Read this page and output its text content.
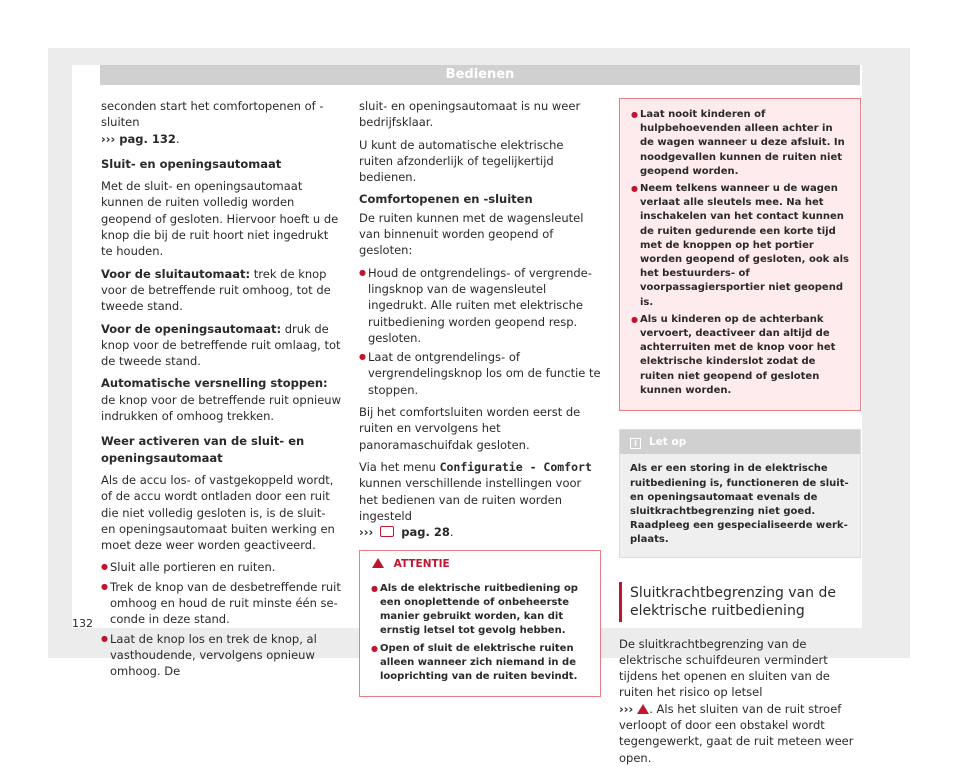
Bedienen

seconden start het comfortopenen of -sluiten
››› pag. 132.

Sluit- en openingsautomaat

Met de sluit- en openingsautomaat kunnen de ruiten volledig worden geopend of gesloten. Hiervoor hoeft u de knop die bij de ruit hoort niet ingedrukt te houden.

Voor de sluitautomaat: trek de knop voor de betreffende ruit omhoog, tot de tweede stand.

Voor de openingsautomaat: druk de knop voor de betreffende ruit omlaag, tot de tweede stand.

Automatische versnelling stoppen: de knop voor de betreffende ruit opnieuw indrukken of omhoog trekken.

Weer activeren van de sluit- en openingsautomaat

Als de accu los- of vastgekoppeld wordt, of de accu wordt ontladen door een ruit die niet volledig gesloten is, is de sluit- en openingsautomaat buiten werking en moet deze weer worden geactiveerd.

● Sluit alle portieren en ruiten.
● Trek de knop van de desbetreffende ruit omhoog en houd de ruit minste één seconde in deze stand.
● Laat de knop los en trek de knop, al vasthoudende, vervolgens opnieuw omhoog. De

sluit- en openingsautomaat is nu weer bedrijfsklaar.

U kunt de automatische elektrische ruiten afzonderlijk of tegelijkertijd bedienen.

Comfortopenen en -sluiten

De ruiten kunnen met de wagensleutel van binnenuit worden geopend of gesloten:

● Houd de ontgrendelings- of vergrendelingsknop van de wagensleutel ingedrukt. Alle ruiten met elektrische ruitbediening worden geopend resp. gesloten.
● Laat de ontgrendelings- of vergrendelingsknop los om de functie te stoppen.

Bij het comfortsluiten worden eerst de ruiten en vervolgens het panoramaschuifdak gesloten.

Via het menu Configuratie - Comfort kunnen verschillende instellingen voor het bedienen van de ruiten worden ingesteld
››› pag. 28.

ATTENTIE
● Als de elektrische ruitbediening op een onoplettende of onbeheerste manier gebruikt worden, kan dit ernstig letsel tot gevolg hebben.
● Open of sluit de elektrische ruiten alleen wanneer zich niemand in de looprichting van de ruiten bevindt.
● Laat nooit kinderen of hulpbehoevenden alleen achter in de wagen wanneer u deze afsluit. In noodgevallen kunnen de ruiten niet geopend worden.
● Neem telkens wanneer u de wagen verlaat alle sleutels mee. Na het inschakelen van het contact kunnen de ruiten gedurende een korte tijd met de knoppen op het portier worden geopend of gesloten, ook als het bestuurders- of voorpassagiersportier niet geopend is.
● Als u kinderen op de achterbank vervoert, deactiveer dan altijd de achterruiten met de knop voor het elektrische kinderslot zodat de ruiten niet geopend of gesloten kunnen worden.
i Let op
Als er een storing in de elektrische ruitbediening is, functioneren de sluit- en openingsautomaat evenals de sluitkrachtbegrenzing niet goed. Raadpleeg een gespecialiseerde werkplaats.
Sluitkrachtbegrenzing van de elektrische ruitbediening

De sluitkrachtbegrenzing van de elektrische schuifdeuren vermindert tijdens het openen en sluiten van de ruiten het risico op letsel
››› . Als het sluiten van de ruit stroef verloopt of door een obstakel wordt tegengewerkt, gaat de ruit meteen weer open.

132
